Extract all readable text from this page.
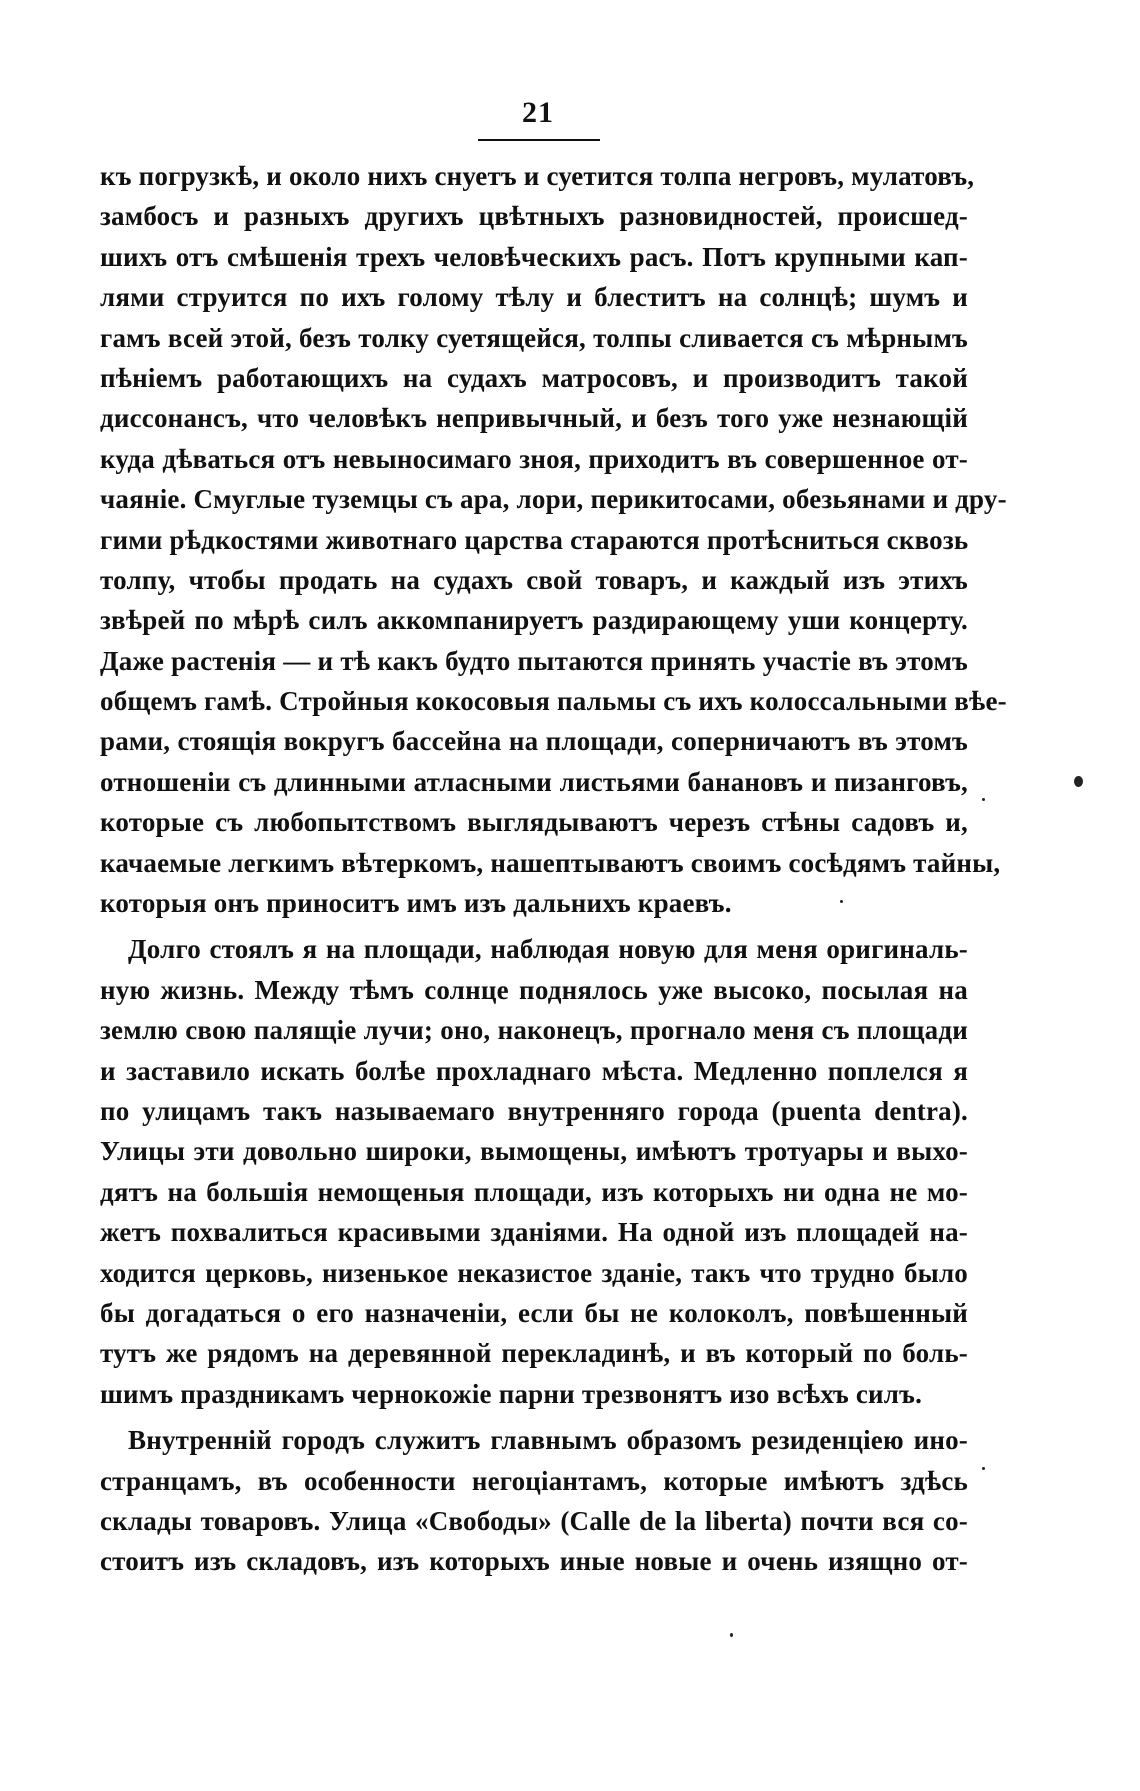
21
къ погрузкѣ, и около нихъ снуетъ и суетится толпа негровъ, мулатовъ,
замбосъ и разныхъ другихъ цвѣтныхъ разновидностей, происшед-
шихъ отъ смѣшенія трехъ человѣческихъ расъ. Потъ крупными кап-
лями струится по ихъ голому тѣлу и блеститъ на солнцѣ; шумъ и
гамъ всей этой, безъ толку суетящейся, толпы сливается съ мѣрнымъ
пѣніемъ работающихъ на судахъ матросовъ, и производитъ такой
диссонансъ, что человѣкъ непривычный, и безъ того уже незнающій
куда дѣваться отъ невыносимаго зноя, приходитъ въ совершенное от-
чаяніе. Смуглые туземцы съ ара, лори, перикитосами, обезьянами и дру-
гими рѣдкостями животнаго царства стараются протѣсниться сквозь
толпу, чтобы продать на судахъ свой товаръ, и каждый изъ этихъ
звѣрей по мѣрѣ силъ аккомпанируетъ раздирающему уши концерту.
Даже растенія — и тѣ какъ будто пытаются принять участіе въ этомъ
общемъ гамѣ. Стройныя кокосовыя пальмы съ ихъ колоссальными вѣе-
рами, стоящія вокругъ бассейна на площади, соперничаютъ въ этомъ
отношеніи съ длинными атласными листьями банановъ и пизанговъ,
которые съ любопытствомъ выглядываютъ черезъ стѣны садовъ и,
качаемые легкимъ вѣтеркомъ, нашептываютъ своимъ сосѣдямъ тайны,
которыя онъ приноситъ имъ изъ дальнихъ краевъ.
Долго стоялъ я на площади, наблюдая новую для меня оригиналь-
ную жизнь. Между тѣмъ солнце поднялось уже высоко, посылая на
землю свою палящіе лучи; оно, наконецъ, прогнало меня съ площади
и заставило искать болѣе прохладнаго мѣста. Медленно поплелся я
по улицамъ такъ называемаго внутренняго города (puenta dentra).
Улицы эти довольно широки, вымощены, имѣютъ тротуары и выхо-
дятъ на большія немощеныя площади, изъ которыхъ ни одна не мо-
жетъ похвалиться красивыми зданіями. На одной изъ площадей на-
ходится церковь, низенькое неказистое зданіе, такъ что трудно было
бы догадаться о его назначеніи, если бы не колоколъ, повѣшенный
тутъ же рядомъ на деревянной перекладинѣ, и въ который по боль-
шимъ праздникамъ чернокожіе парни трезвонятъ изо всѣхъ силъ.
Внутренній городъ служитъ главнымъ образомъ резиденціею ино-
странцамъ, въ особенности негоціантамъ, которые имѣютъ здѣсь
склады товаровъ. Улица «Свободы» (Calle de la liberta) почти вся со-
стоитъ изъ складовъ, изъ которыхъ иные новые и очень изящно от-
